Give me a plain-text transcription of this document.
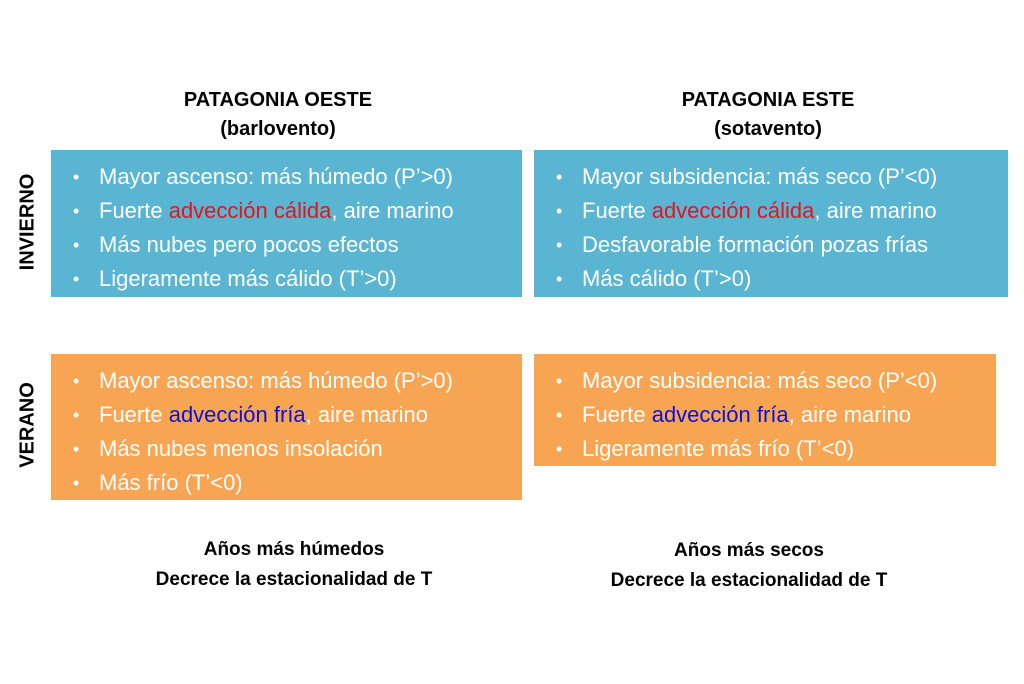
PATAGONIA OESTE
(barlovento)
PATAGONIA ESTE
(sotavento)
INVIERNO
VERANO
• Mayor ascenso: más húmedo (P’>0)
• Fuerte advección cálida, aire marino
• Más nubes pero pocos efectos
• Ligeramente más cálido (T’>0)
• Mayor subsidencia: más seco (P’<0)
• Fuerte advección cálida, aire marino
• Desfavorable formación pozas frías
• Más cálido (T’>0)
• Mayor ascenso: más húmedo (P’>0)
• Fuerte advección fría, aire marino
• Más nubes menos insolación
• Más frío (T’<0)
• Mayor subsidencia: más seco (P’<0)
• Fuerte advección fría, aire marino
• Ligeramente más frío (T’<0)
Años más húmedos
Decrece la estacionalidad de T
Años más secos
Decrece la estacionalidad de T
